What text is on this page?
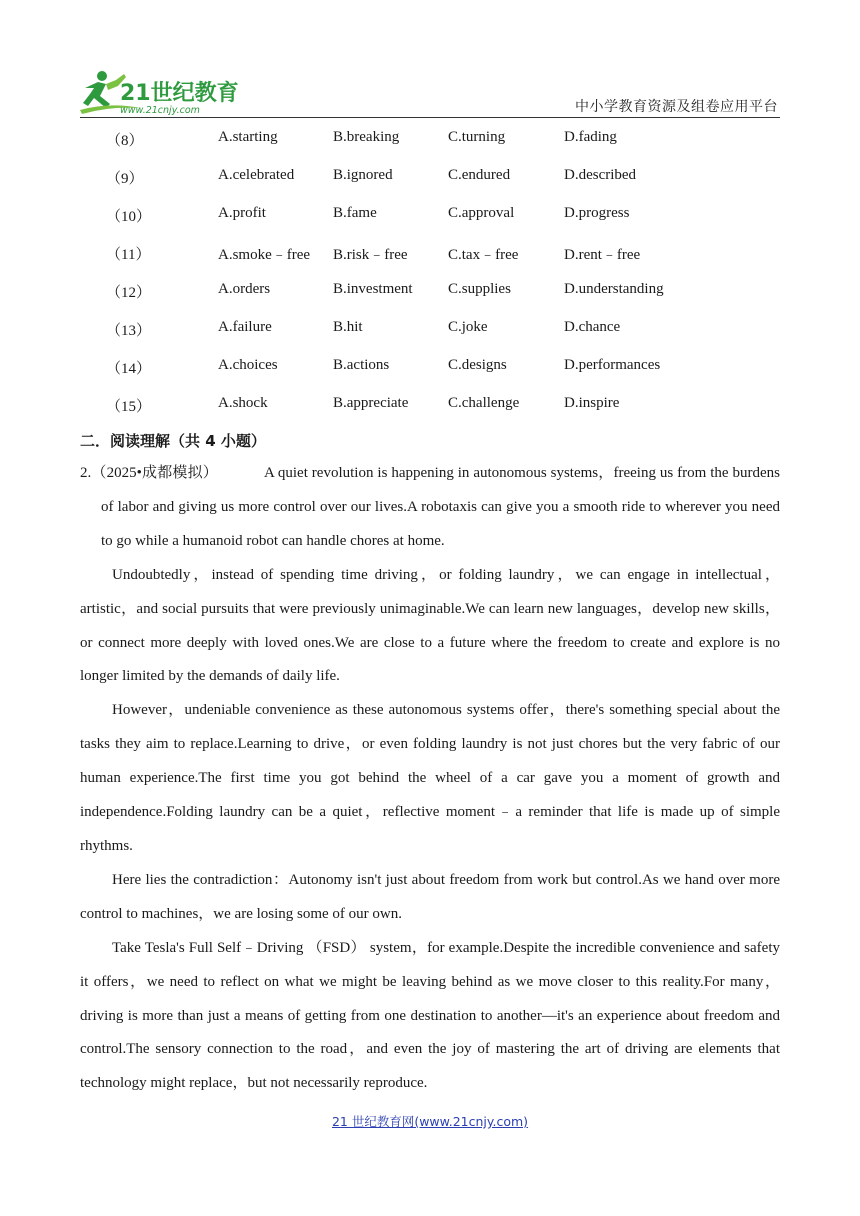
21世纪教育
www.21cnjy.com	中小学教育资源及组卷应用平台
（8）	A.starting	B.breaking	C.turning	D.fading
（9）	A.celebrated	B.ignored	C.endured	D.described
（10）	A.profit	B.fame	C.approval	D.progress
（11）	A.smoke﹣free B.risk﹣free	C.tax﹣free	D.rent﹣free
（12）	A.orders	B.investment C.supplies	D.understanding
（13）	A.failure	B.hit	C.joke	D.chance
（14）	A.choices	B.actions	C.designs	D.performances
（15）	A.shock	B.appreciate	C.challenge	D.inspire
二．阅读理解（共 4 小题）

2.（2025•成都模拟）	A quiet revolution is happening in autonomous systems，freeing us from the burdens of labor and giving us more control over our lives.A robotaxis can give you a smooth ride to wherever you need to go while a humanoid robot can handle chores at home.

Undoubtedly，instead of spending time driving，or folding laundry，we can engage in intellectual，artistic，and social pursuits that were previously unimaginable.We can learn new languages，develop new skills，or connect more deeply with loved ones.We are close to a future where the freedom to create and explore is no longer limited by the demands of daily life.

However，undeniable convenience as these autonomous systems offer，there's something special about the tasks they aim to replace.Learning to drive，or even folding laundry is not just chores but the very fabric of our human experience.The first time you got behind the wheel of a car gave you a moment of growth and independence.Folding laundry can be a quiet，reflective moment﹣a reminder that life is made up of simple rhythms.

Here lies the contradiction：Autonomy isn't just about freedom from work but control.As we hand over more control to machines，we are losing some of our own.

Take Tesla's Full Self﹣Driving （FSD） system，for example.Despite the incredible convenience and safety it offers，we need to reflect on what we might be leaving behind as we move closer to this reality.For many，driving is more than just a means of getting from one destination to another—it's an experience about freedom and control.The sensory connection to the road，and even the joy of mastering the art of driving are elements that technology might replace，but not necessarily reproduce.

21 世纪教育网(www.21cnjy.com)
